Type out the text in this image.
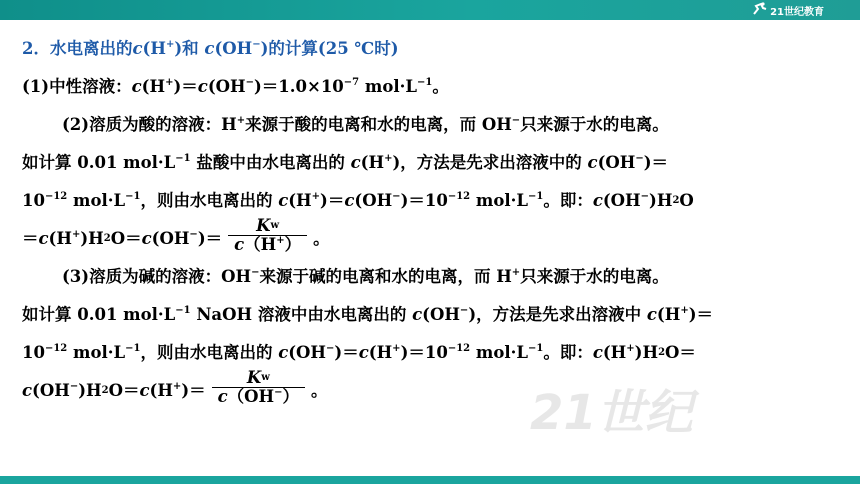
21世纪教育
21世纪
2．水电离出的c(H+)和 c(OH−)的计算(25 ℃时)
(1)中性溶液：$c(H^+)=c(OH^-)=1.0\times 10^{-7}$ $mol\cdot L^{-1}$。
(2)溶质为酸的溶液：H+来源于酸的电离和水的电离，而 OH−只来源于水的电离。
如计算 0.01 $mol\cdot L^{-1}$ 盐酸中由水电离出的 c(H+)，方法是先求出溶液中的 c(OH−)＝
$10^{-12}$ $mol\cdot L^{-1}$，则由水电离出的 $c(H^+)=c(OH^-)=10^{-12}$ $mol\cdot L^{-1}$。即：c(OH−)H2O
$=c(H^+)H2O=c(OH^-)= \frac{Kw}{c(H^+)}$ 。
(3)溶质为碱的溶液：OH−来源于碱的电离和水的电离，而 H+只来源于水的电离。
如计算 0.01 $mol\cdot L^{-1}$ NaOH 溶液中由水电离出的 c(OH−)，方法是先求出溶液中 c(H+)＝
$10^{-12}$ $mol\cdot L^{-1}$，则由水电离出的 $c(OH^-)=c(H^+)=10^{-12}$ $mol\cdot L^{-1}$。即：c(H+)H2O＝
$c(OH^-)H2O=c(H^+)= \frac{Kw}{c(OH^-)}$ 。
